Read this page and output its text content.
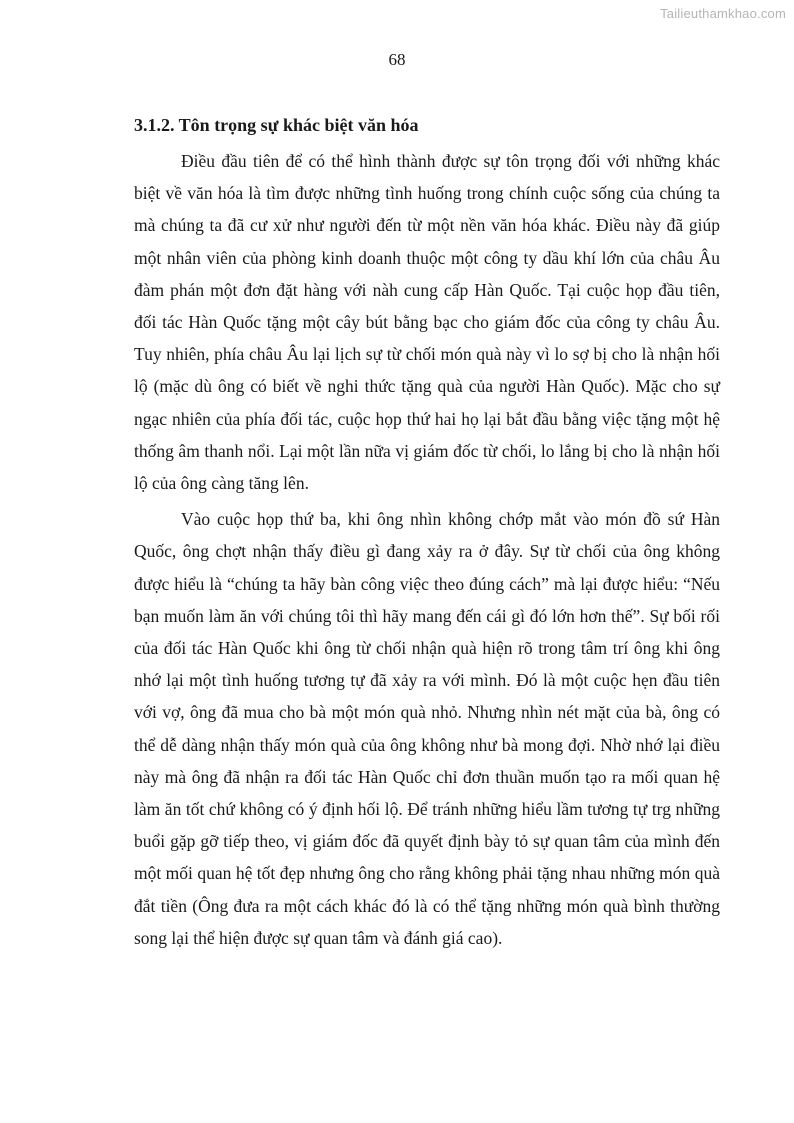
Tailieuthamkhao.com
68
3.1.2. Tôn trọng sự khác biệt văn hóa

Điều đầu tiên để có thể hình thành được sự tôn trọng đối với những khác biệt về văn hóa là tìm được những tình huống trong chính cuộc sống của chúng ta mà chúng ta đã cư xử như người đến từ một nền văn hóa khác. Điều này đã giúp một nhân viên của phòng kinh doanh thuộc một công ty dầu khí lớn của châu Âu đàm phán một đơn đặt hàng với nàh cung cấp Hàn Quốc. Tại cuộc họp đầu tiên, đối tác Hàn Quốc tặng một cây bút bằng bạc cho giám đốc của công ty châu Âu. Tuy nhiên, phía châu Âu lại lịch sự từ chối món quà này vì lo sợ bị cho là nhận hối lộ (mặc dù ông có biết về nghi thức tặng quà của người Hàn Quốc). Mặc cho sự ngạc nhiên của phía đối tác, cuộc họp thứ hai họ lại bắt đầu bằng việc tặng một hệ thống âm thanh nổi. Lại một lần nữa vị giám đốc từ chối, lo lắng bị cho là nhận hối lộ của ông càng tăng lên.

Vào cuộc họp thứ ba, khi ông nhìn không chớp mắt vào món đồ sứ Hàn Quốc, ông chợt nhận thấy điều gì đang xảy ra ở đây. Sự từ chối của ông không được hiểu là “chúng ta hãy bàn công việc theo đúng cách” mà lại được hiểu: “Nếu bạn muốn làm ăn với chúng tôi thì hãy mang đến cái gì đó lớn hơn thế”. Sự bối rối của đối tác Hàn Quốc khi ông từ chối nhận quà hiện rõ trong tâm trí ông khi ông nhớ lại một tình huống tương tự đã xảy ra với mình. Đó là một cuộc hẹn đầu tiên với vợ, ông đã mua cho bà một món quà nhỏ. Nhưng nhìn nét mặt của bà, ông có thể dễ dàng nhận thấy món quà của ông không như bà mong đợi. Nhờ nhớ lại điều này mà ông đã nhận ra đối tác Hàn Quốc chỉ đơn thuần muốn tạo ra mối quan hệ làm ăn tốt chứ không có ý định hối lộ. Để tránh những hiểu lầm tương tự trg những buổi gặp gỡ tiếp theo, vị giám đốc đã quyết định bày tỏ sự quan tâm của mình đến một mối quan hệ tốt đẹp nhưng ông cho rằng không phải tặng nhau những món quà đắt tiền (Ông đưa ra một cách khác đó là có thể tặng những món quà bình thường song lại thể hiện được sự quan tâm và đánh giá cao).
